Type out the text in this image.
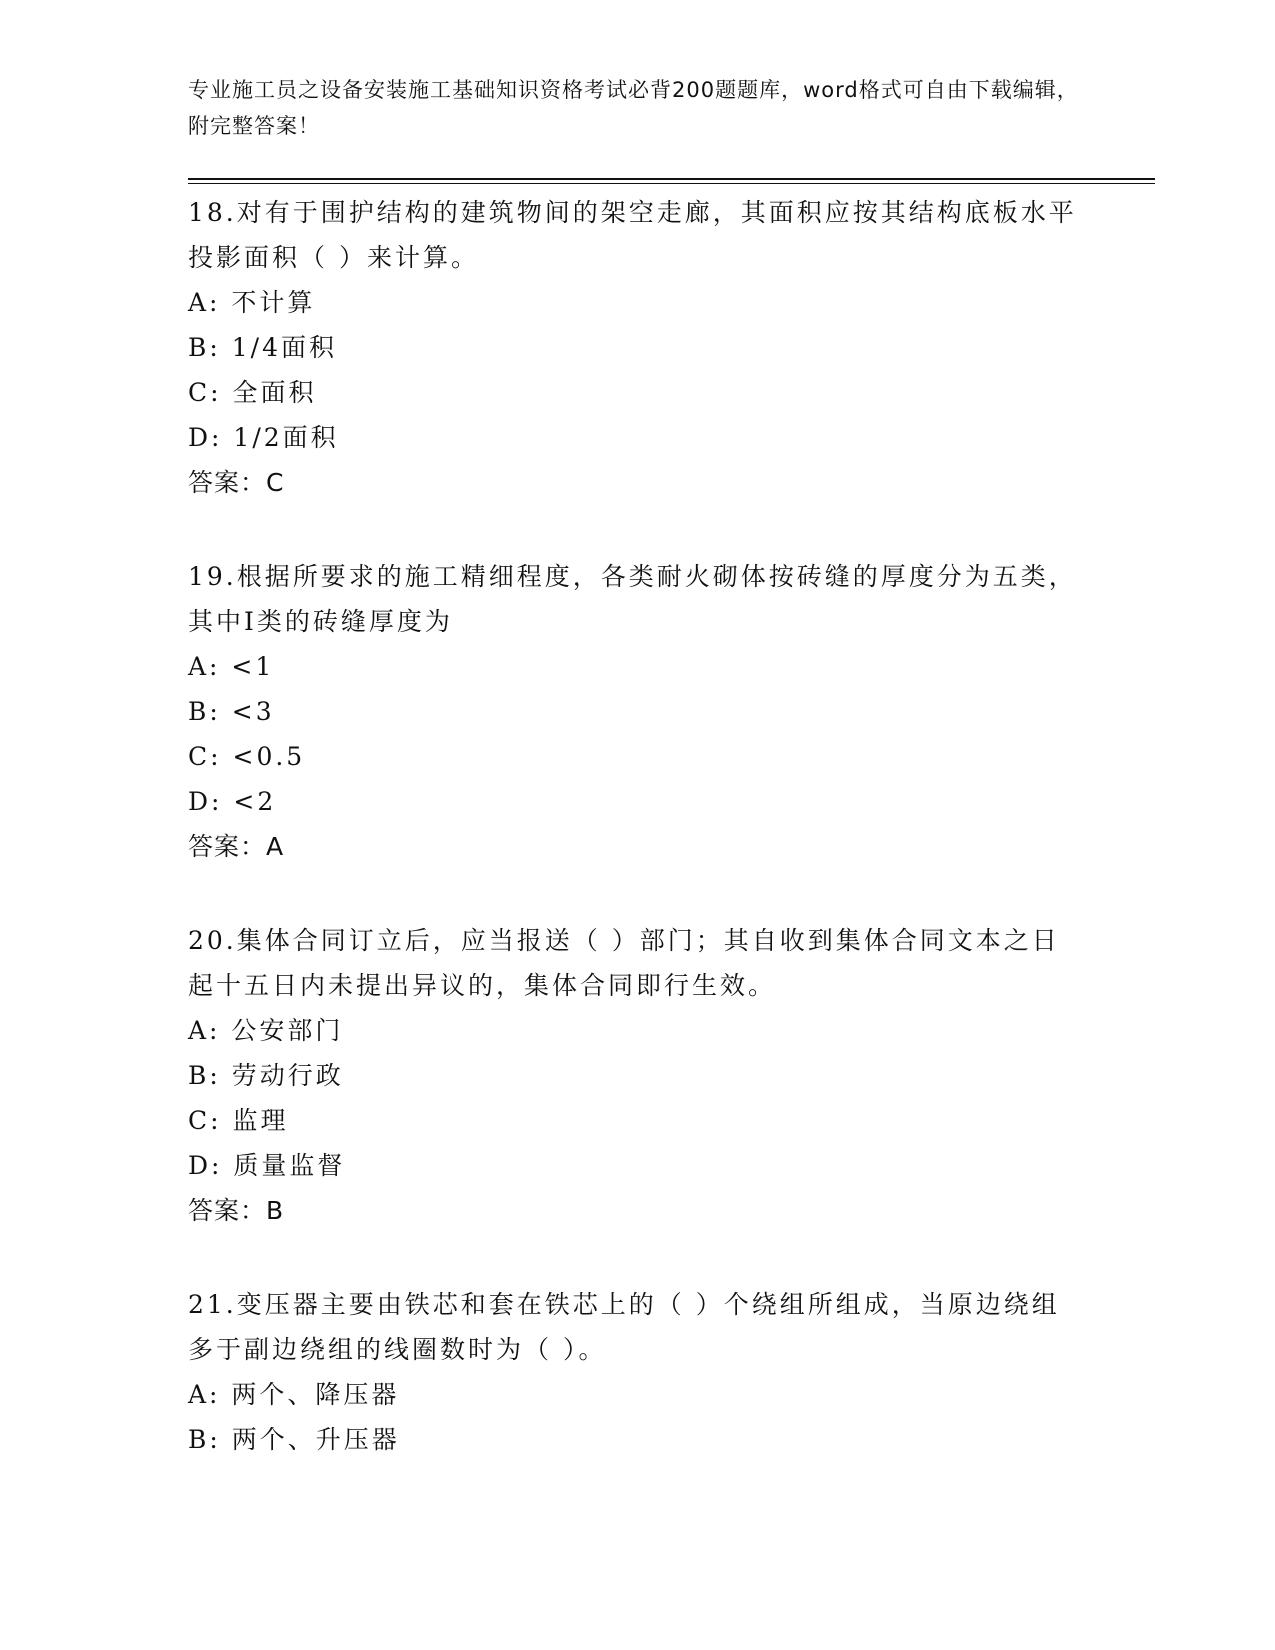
专业施工员之设备安装施工基础知识资格考试必背200题题库，word格式可自由下载编辑，附完整答案！
18.对有于围护结构的建筑物间的架空走廊，其面积应按其结构底板水平投影面积（ ）来计算。
A: 不计算
B: 1/4面积
C: 全面积
D: 1/2面积
答案：C
19.根据所要求的施工精细程度，各类耐火砌体按砖缝的厚度分为五类，其中Ⅰ类的砖缝厚度为
A: <1
B: <3
C: <0.5
D: <2
答案：A
20.集体合同订立后，应当报送（ ）部门；其自收到集体合同文本之日起十五日内未提出异议的，集体合同即行生效。
A: 公安部门
B: 劳动行政
C: 监理
D: 质量监督
答案：B
21.变压器主要由铁芯和套在铁芯上的（ ）个绕组所组成，当原边绕组多于副边绕组的线圈数时为（ ）。
A: 两个、降压器
B: 两个、升压器
